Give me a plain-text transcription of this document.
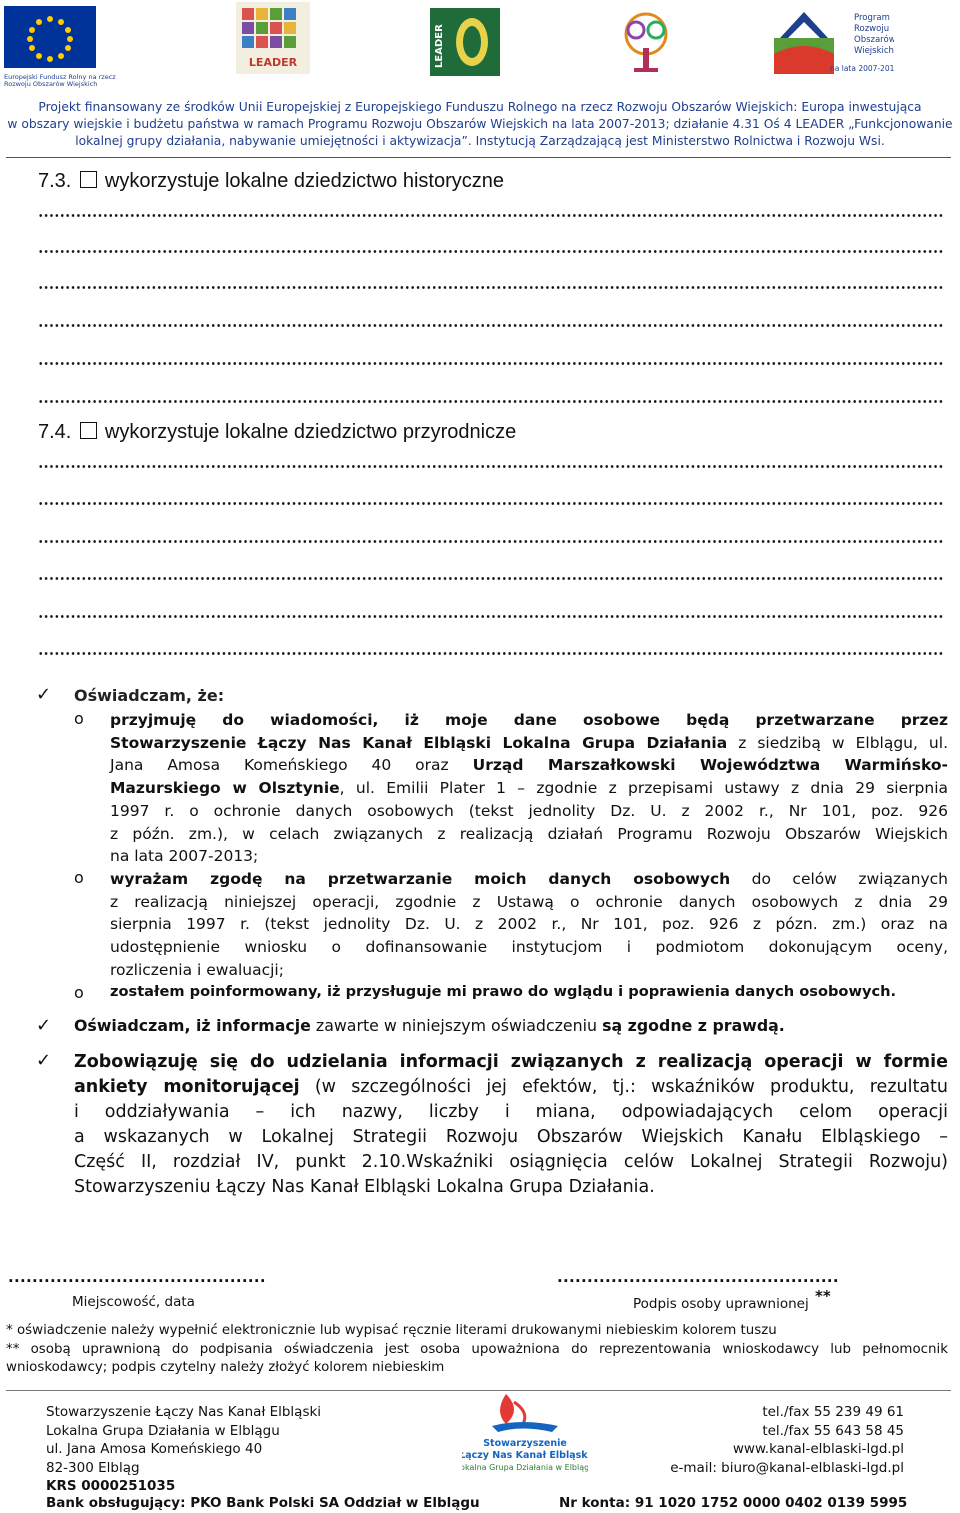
Europejski Fundusz Rolny na rzecz
Rozwoju Obszarów Wiejskich
LEADER	LEADER
Program
Rozwoju
Obszarów
Wiejskich
na lata 2007-2013
Projekt finansowany ze środków Unii Europejskiej z Europejskiego Funduszu Rolnego na rzecz Rozwoju Obszarów Wiejskich: Europa inwestująca
w obszary wiejskie i budżetu państwa w ramach Programu Rozwoju Obszarów Wiejskich na lata 2007-2013; działanie 4.31 Oś 4 LEADER „Funkcjonowanie
lokalnej grupy działania, nabywanie umiejętności i aktywizacja”. Instytucją Zarządzającą jest Ministerstwo Rolnictwa i Rozwoju Wsi.
7.3. wykorzystuje lokalne dziedzictwo historyczne
7.4. wykorzystuje lokalne dziedzictwo przyrodnicze
✓ Oświadczam, że:
o przyjmuję do wiadomości, iż moje dane osobowe będą przetwarzane przez
Stowarzyszenie Łączy Nas Kanał Elbląski Lokalna Grupa Działania z siedzibą w Elblągu, ul.
Jana Amosa Komeńskiego 40 oraz Urząd Marszałkowski Województwa Warmińsko-
Mazurskiego w Olsztynie, ul. Emilii Plater 1 – zgodnie z przepisami ustawy z dnia 29 sierpnia
1997 r. o ochronie danych osobowych (tekst jednolity Dz. U. z 2002 r., Nr 101, poz. 926
z późn. zm.), w celach związanych z realizacją działań Programu Rozwoju Obszarów Wiejskich
na lata 2007-2013;
o wyrażam zgodę na przetwarzanie moich danych osobowych do celów związanych
z realizacją niniejszej operacji, zgodnie z Ustawą o ochronie danych osobowych z dnia 29
sierpnia 1997 r. (tekst jednolity Dz. U. z 2002 r., Nr 101, poz. 926 z pózn. zm.) oraz na
udostępnienie wniosku o dofinansowanie instytucjom i podmiotom dokonującym oceny,
rozliczenia i ewaluacji;
o zostałem poinformowany, iż przysługuje mi prawo do wglądu i poprawienia danych osobowych.
✓ Oświadczam, iż informacje zawarte w niniejszym oświadczeniu są zgodne z prawdą.
✓ Zobowiązuję się do udzielania informacji związanych z realizacją operacji w formie
ankiety monitorującej (w szczególności jej efektów, tj.: wskaźników produktu, rezultatu
i oddziaływania – ich nazwy, liczby i miana, odpowiadających celom operacji
a wskazanych w Lokalnej Strategii Rozwoju Obszarów Wiejskich Kanału Elbląskiego –
Część II, rozdział IV, punkt 2.10.Wskaźniki osiągnięcia celów Lokalnej Strategii Rozwoju)
Stowarzyszeniu Łączy Nas Kanał Elbląski Lokalna Grupa Działania.
...........................................
Miejscowość, data
...............................................
Podpis osoby uprawnionej **
* oświadczenie należy wypełnić elektronicznie lub wypisać ręcznie literami drukowanymi niebieskim kolorem tuszu
** osobą uprawnioną do podpisania oświadczenia jest osoba upoważniona do reprezentowania wnioskodawcy lub pełnomocnik
wnioskodawcy; podpis czytelny należy złożyć kolorem niebieskim
Stowarzyszenie Łączy Nas Kanał Elbląski
Lokalna Grupa Działania w Elblągu
ul. Jana Amosa Komeńskiego 40
82-300 Elbląg
KRS 0000251035
Bank obsługujący: PKO Bank Polski SA Oddział w Elblągu
tel./fax 55 239 49 61
tel./fax 55 643 58 45
www.kanal-elblaski-lgd.pl
e-mail: biuro@kanal-elblaski-lgd.pl
Nr konta: 91 1020 1752 0000 0402 0139 5995
Stowarzyszenie
Łączy Nas Kanał Elbląski
Lokalna Grupa Działania w Elblągu
